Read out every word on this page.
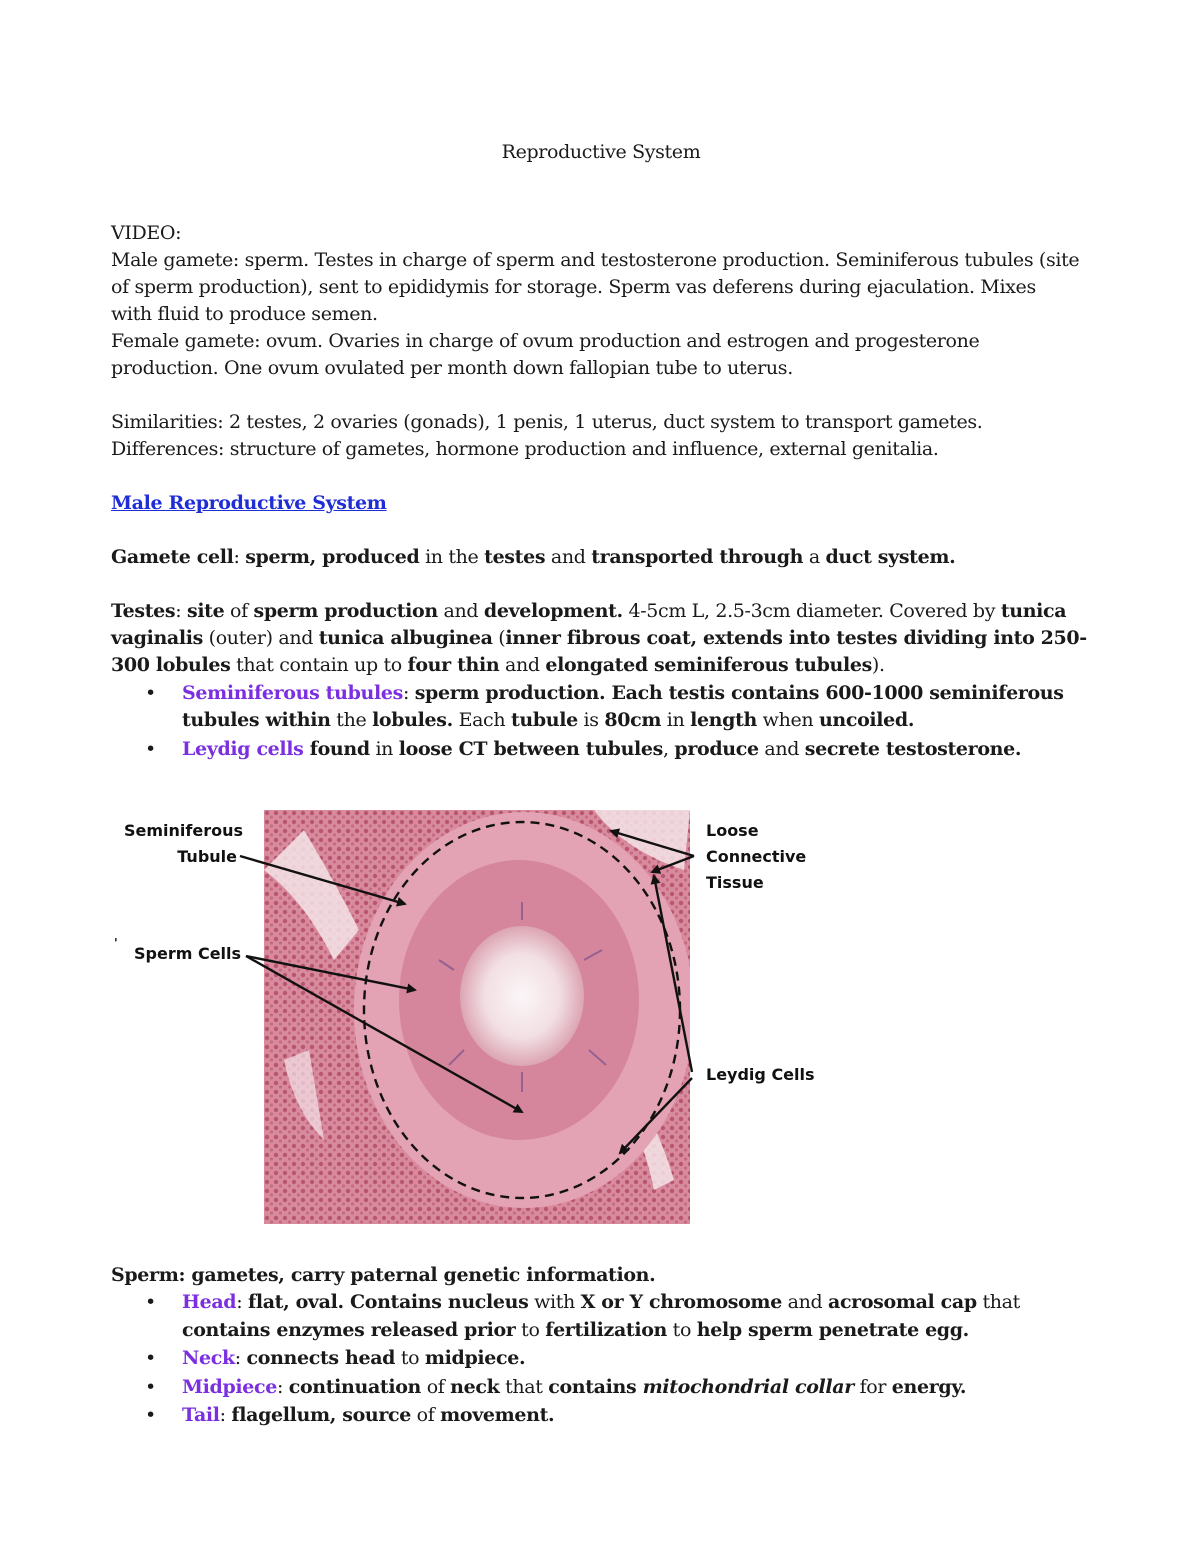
Reproductive System
VIDEO:
Male gamete: sperm. Testes in charge of sperm and testosterone production. Seminiferous tubules (site
of sperm production), sent to epididymis for storage. Sperm vas deferens during ejaculation. Mixes
with fluid to produce semen.
Female gamete: ovum. Ovaries in charge of ovum production and estrogen and progesterone
production. One ovum ovulated per month down fallopian tube to uterus.
Similarities: 2 testes, 2 ovaries (gonads), 1 penis, 1 uterus, duct system to transport gametes.
Differences: structure of gametes, hormone production and influence, external genitalia.
Male Reproductive System
Gamete cell: sperm, produced in the testes and transported through a duct system.
Testes: site of sperm production and development. 4-5cm L, 2.5-3cm diameter. Covered by tunica
vaginalis (outer) and tunica albuginea (inner fibrous coat, extends into testes dividing into 250-
300 lobules that contain up to four thin and elongated seminiferous tubules).
• Seminiferous tubules: sperm production. Each testis contains 600-1000 seminiferous
tubules within the lobules. Each tubule is 80cm in length when uncoiled.
• Leydig cells found in loose CT between tubules, produce and secrete testosterone.
Sperm: gametes, carry paternal genetic information.
• Head: flat, oval. Contains nucleus with X or Y chromosome and acrosomal cap that
contains enzymes released prior to fertilization to help sperm penetrate egg.
• Neck: connects head to midpiece.
• Midpiece: continuation of neck that contains mitochondrial collar for energy.
• Tail: flagellum, source of movement.
Seminiferous
Tubule
'
Sperm Cells
Loose
Connective
Tissue
Leydig Cells
